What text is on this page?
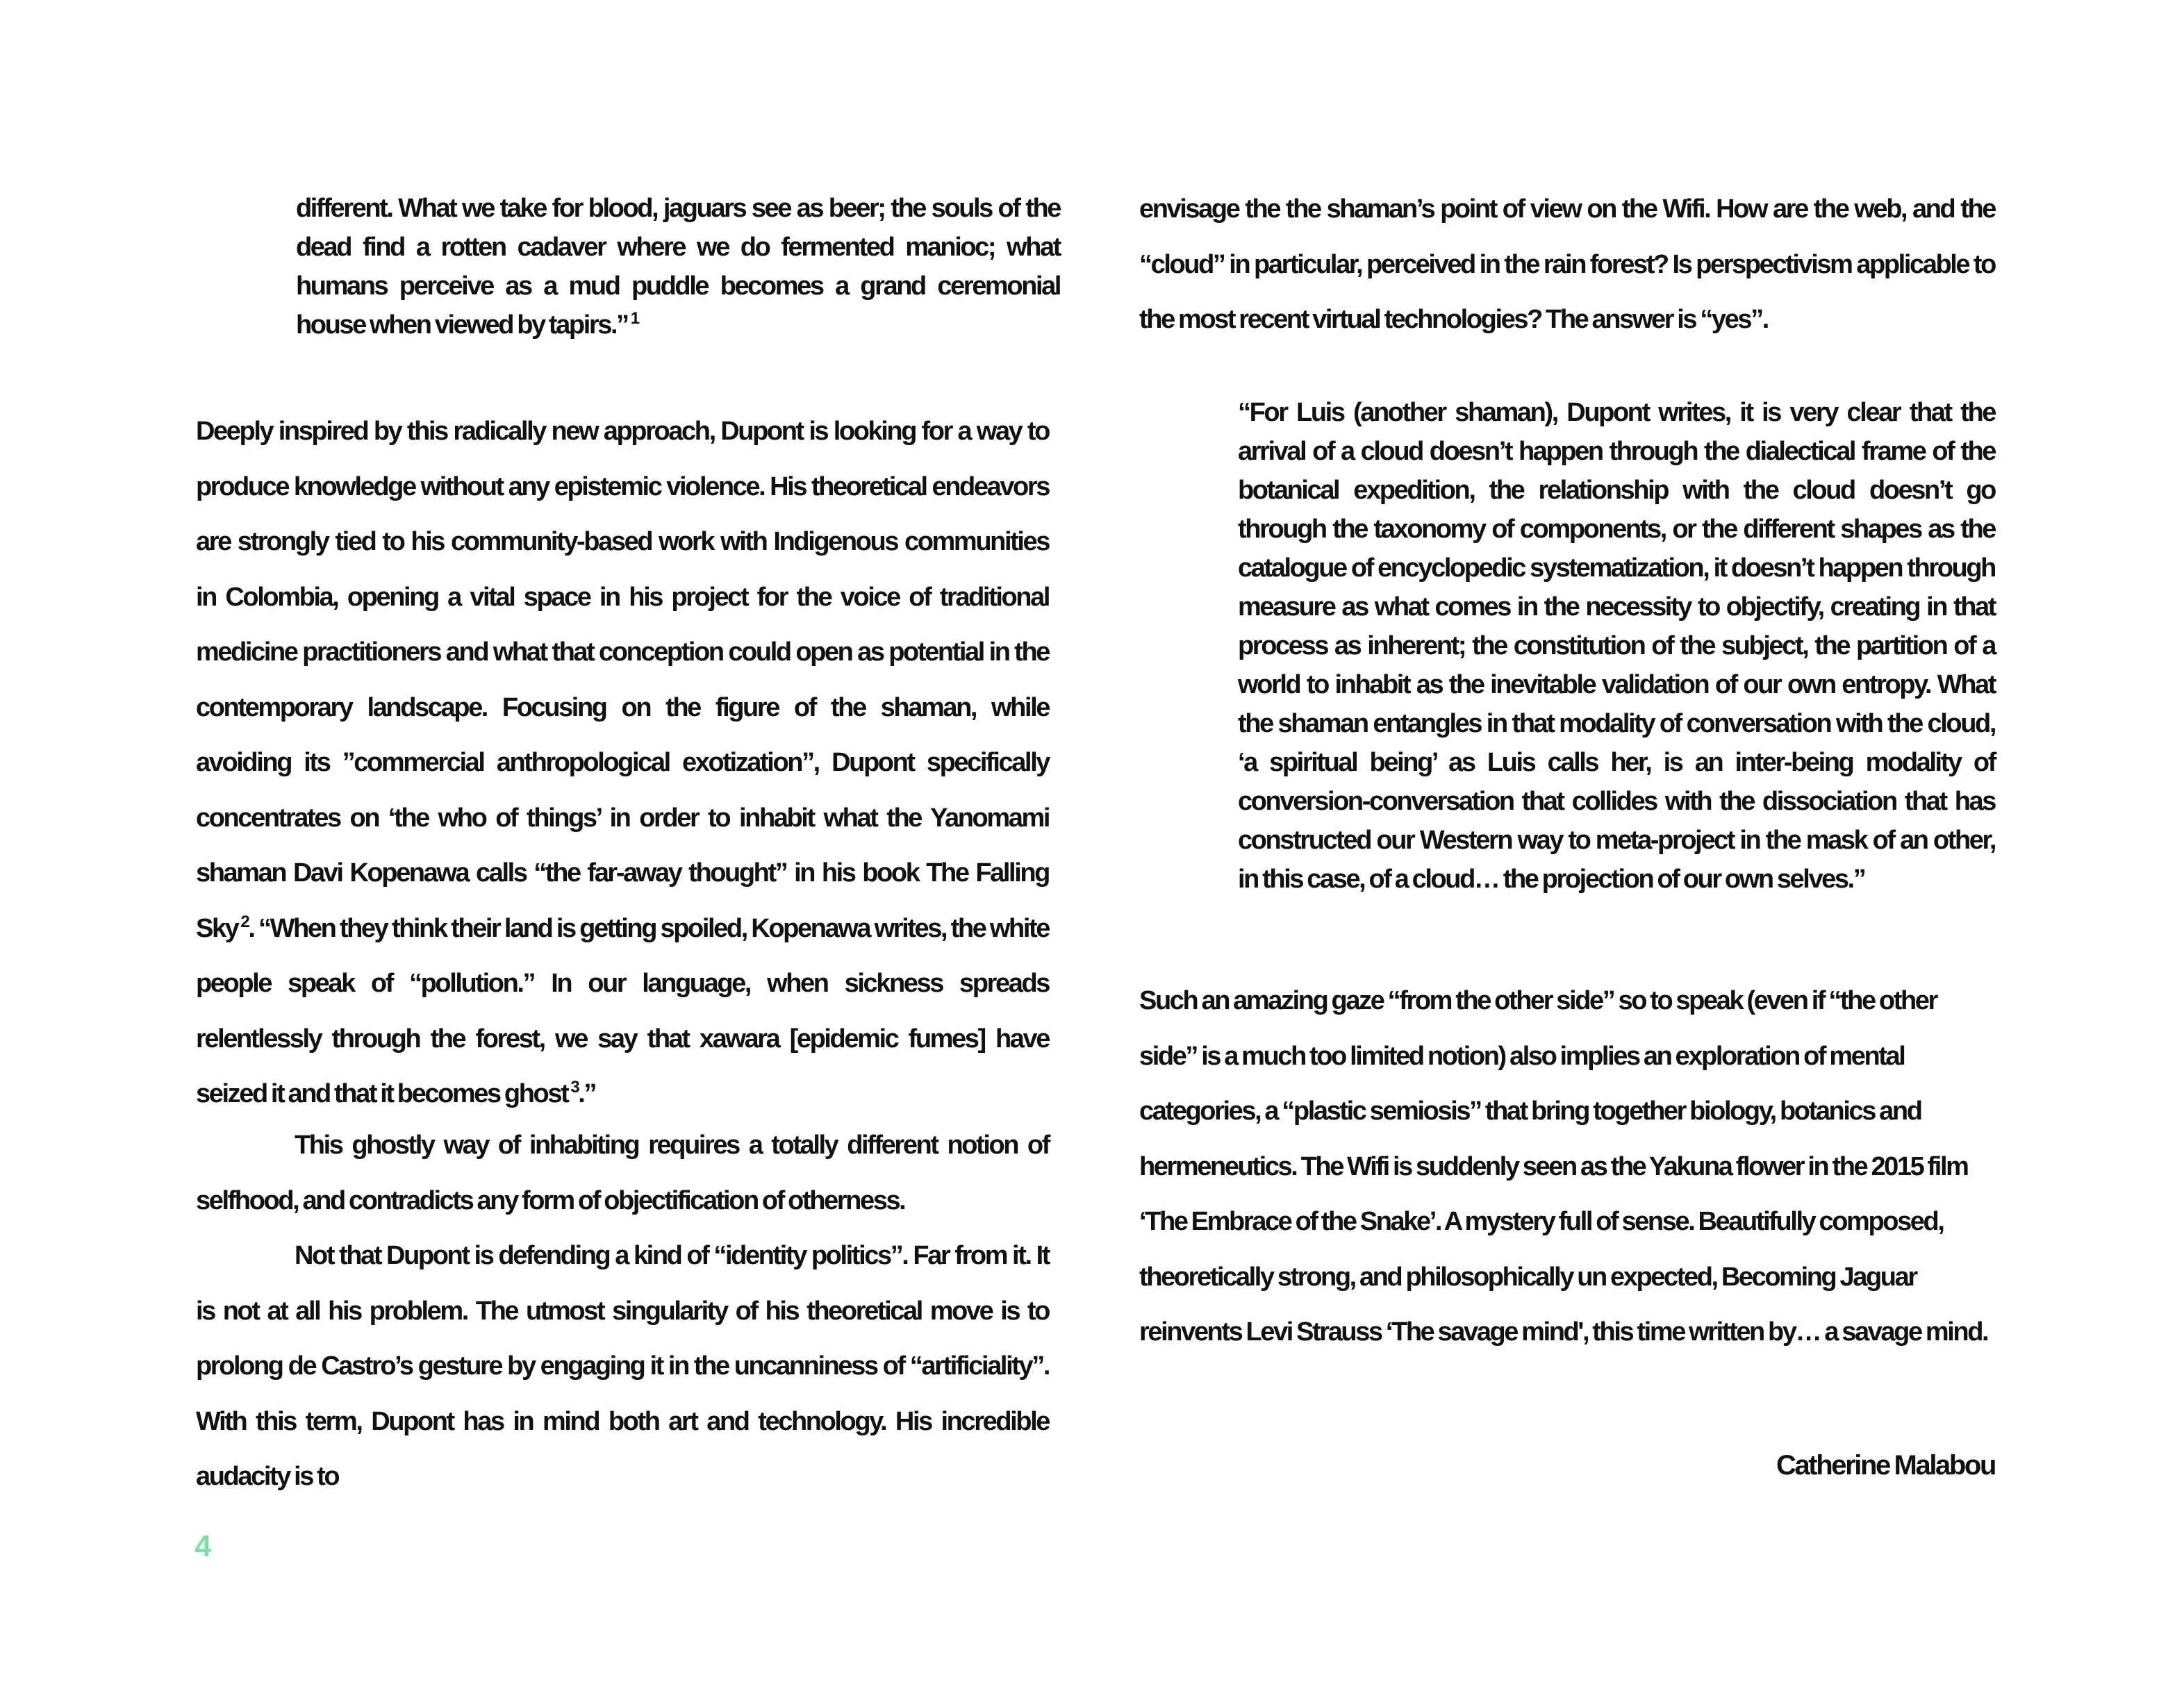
different. What we take for blood, jaguars see as beer; the souls of the dead find a rotten cadaver where we do fermented manioc; what humans perceive as a mud puddle becomes a grand ceremonial house when viewed by tapirs.” $^1$

Deeply inspired by this radically new approach, Dupont is looking for a way to produce knowledge without any epistemic violence. His theoretical endeavors are strongly tied to his community-based work with Indigenous communities in Colombia, opening a vital space in his project for the voice of traditional medicine practitioners and what that conception could open as potential in the contemporary landscape. Focusing on the figure of the shaman, while avoiding its ”commercial anthropological exotization”, Dupont specifically concentrates on ‘the who of things’ in order to inhabit what the Yanomami shaman Davi Kopenawa calls “the far-away thought” in his book The Falling Sky $^2$. “When they think their land is getting spoiled, Kopenawa writes, the white people speak of “pollution.” In our language, when sickness spreads relentlessly through the forest, we say that xawara [epidemic fumes] have seized it and that it becomes ghost $^3$.”

This ghostly way of inhabiting requires a totally different notion of selfhood, and contradicts any form of objectification of otherness.

Not that Dupont is defending a kind of “identity politics”. Far from it. It is not at all his problem. The utmost singularity of his theoretical move is to prolong de Castro’s gesture by engaging it in the uncanniness of “artificiality”. With this term, Dupont has in mind both art and technology. His incredible audacity is to

envisage the the shaman’s point of view on the Wifi. How are the web, and the “cloud” in particular, perceived in the rain forest? Is perspectivism applicable to the most recent virtual technologies? The answer is “yes”.

“For Luis (another shaman), Dupont writes, it is very clear that the arrival of a cloud doesn’t happen through the dialectical frame of the botanical expedition, the relationship with the cloud doesn’t go through the taxonomy of components, or the different shapes as the catalogue of encyclopedic systematization, it doesn’t happen through measure as what comes in the necessity to objectify, creating in that process as inherent; the constitution of the subject, the partition of a world to inhabit as the inevitable validation of our own entropy. What the shaman entangles in that modality of conversation with the cloud, ‘a spiritual being’ as Luis calls her, is an inter-being modality of conversion-conversation that collides with the dissociation that has constructed our Western way to meta-project in the mask of an other, in this case, of a cloud… the projection of our own selves.”

Such an amazing gaze “from the other side” so to speak (even if “the other side” is a much too limited notion) also implies an exploration of mental categories, a “plastic semiosis” that bring together biology, botanics and hermeneutics. The Wifi is suddenly seen as the Yakuna flower in the 2015 film ‘The Embrace of the Snake’. A mystery full of sense. Beautifully composed, theoretically strong, and philosophically un expected, Becoming Jaguar reinvents Levi Strauss ‘The savage mind', this time written by… a savage mind.

Catherine Malabou

4
